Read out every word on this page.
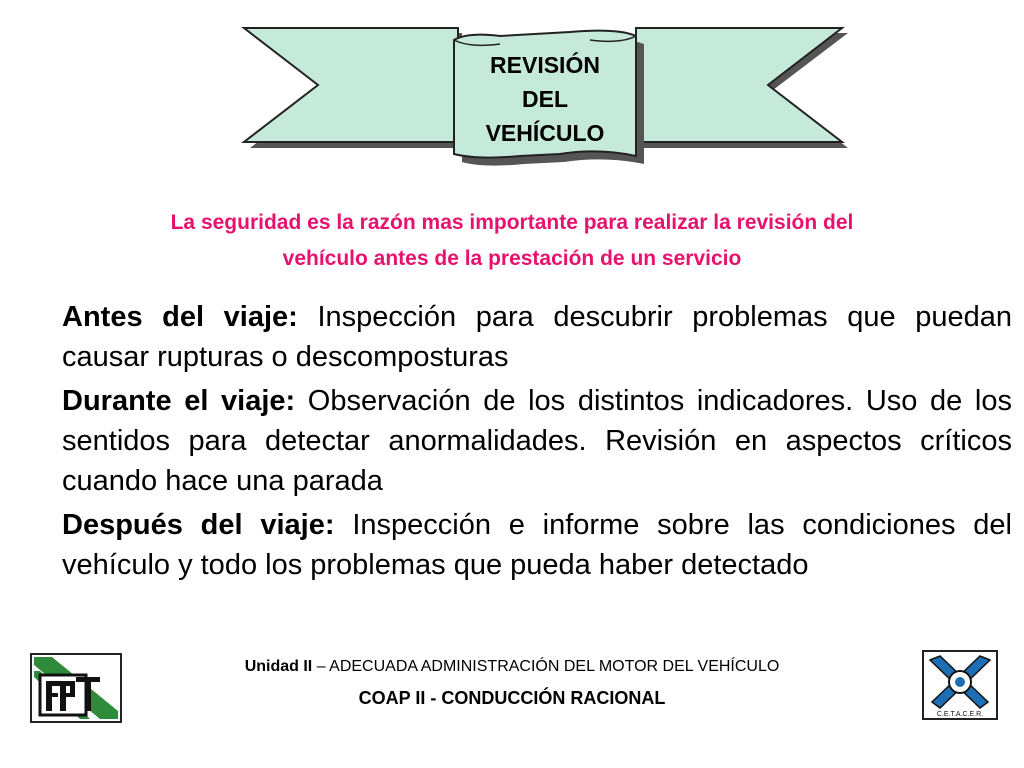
REVISIÓN
DEL
VEHÍCULO
La seguridad es la razón mas importante para realizar la revisión del
vehículo antes de la prestación de un servicio

Antes del viaje: Inspección para descubrir problemas que puedan causar rupturas o descomposturas

Durante el viaje: Observación de los distintos indicadores. Uso de los sentidos para detectar anormalidades. Revisión en aspectos críticos cuando hace una parada

Después del viaje: Inspección e informe sobre las condiciones del vehículo y todo los problemas que pueda haber detectado

C.E.T.A.C.E.R.
Unidad II – ADECUADA ADMINISTRACIÓN DEL MOTOR DEL VEHÍCULO
COAP II - CONDUCCIÓN RACIONAL
